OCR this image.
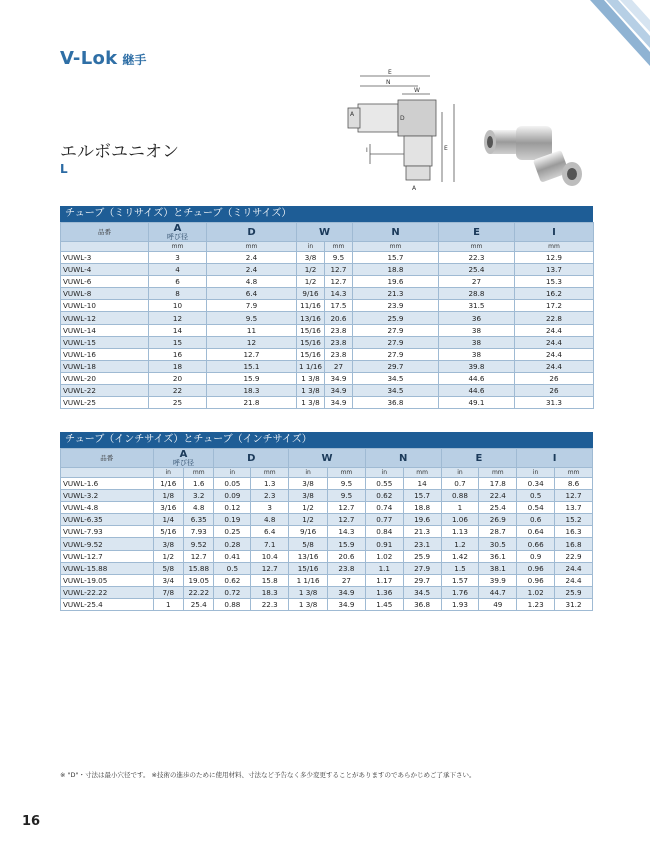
V-Lok 継手
エルボユニオン
L
E
N
W
D
I
A
E
A
チューブ（ミリサイズ）とチューブ（ミリサイズ）
品番	A
呼び径	D	W		N	E	I
	mm	mm	in	mm	mm	mm	mm
VUWL-3	3	2.4	3/8	9.5	15.7	22.3	12.9
VUWL-4	4	2.4	1/2	12.7	18.8	25.4	13.7
VUWL-6	6	4.8	1/2	12.7	19.6	27	15.3
VUWL-8	8	6.4	9/16	14.3	21.3	28.8	16.2
VUWL-10	10	7.9	11/16	17.5	23.9	31.5	17.2
VUWL-12	12	9.5	13/16	20.6	25.9	36	22.8
VUWL-14	14	11	15/16	23.8	27.9	38	24.4
VUWL-15	15	12	15/16	23.8	27.9	38	24.4
VUWL-16	16	12.7	15/16	23.8	27.9	38	24.4
VUWL-18	18	15.1	1 1/16	27	29.7	39.8	24.4
VUWL-20	20	15.9	1 3/8	34.9	34.5	44.6	26
VUWL-22	22	18.3	1 3/8	34.9	34.5	44.6	26
VUWL-25	25	21.8	1 3/8	34.9	36.8	49.1	31.3
チューブ（インチサイズ）とチューブ（インチサイズ）
品番	A
呼び径		D		W		N		E		I	
	in	mm	in	mm	in	mm	in	mm	in	mm	in	mm
VUWL-1.6	1/16	1.6	0.05	1.3	3/8	9.5	0.55	14	0.7	17.8	0.34	8.6
VUWL-3.2	1/8	3.2	0.09	2.3	3/8	9.5	0.62	15.7	0.88	22.4	0.5	12.7
VUWL-4.8	3/16	4.8	0.12	3	1/2	12.7	0.74	18.8	1	25.4	0.54	13.7
VUWL-6.35	1/4	6.35	0.19	4.8	1/2	12.7	0.77	19.6	1.06	26.9	0.6	15.2
VUWL-7.93	5/16	7.93	0.25	6.4	9/16	14.3	0.84	21.3	1.13	28.7	0.64	16.3
VUWL-9.52	3/8	9.52	0.28	7.1	5/8	15.9	0.91	23.1	1.2	30.5	0.66	16.8
VUWL-12.7	1/2	12.7	0.41	10.4	13/16	20.6	1.02	25.9	1.42	36.1	0.9	22.9
VUWL-15.88	5/8	15.88	0.5	12.7	15/16	23.8	1.1	27.9	1.5	38.1	0.96	24.4
VUWL-19.05	3/4	19.05	0.62	15.8	1 1/16	27	1.17	29.7	1.57	39.9	0.96	24.4
VUWL-22.22	7/8	22.22	0.72	18.3	1 3/8	34.9	1.36	34.5	1.76	44.7	1.02	25.9
VUWL-25.4	1	25.4	0.88	22.3	1 3/8	34.9	1.45	36.8	1.93	49	1.23	31.2
※ "D"・寸法は最小穴径です。 ※技術の進歩のために使用材料、寸法など予告なく多少変更することがありますのであらかじめご了承下さい。
16
